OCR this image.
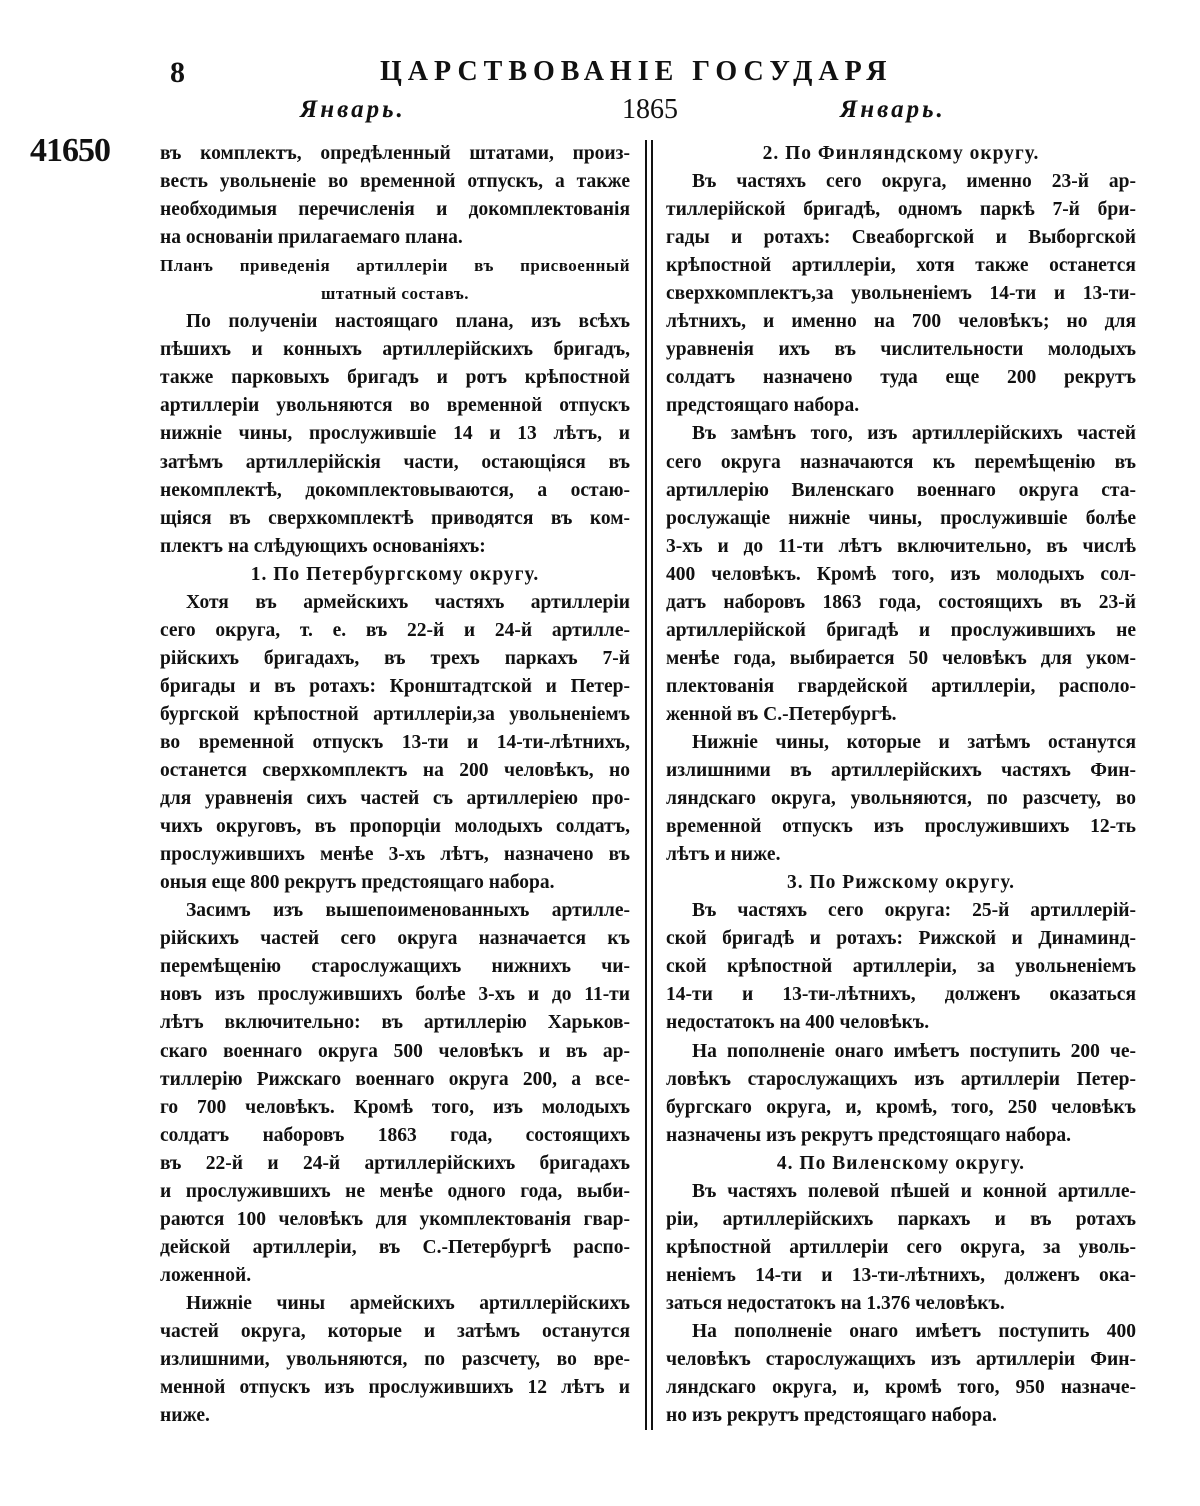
8	ЦАРСТВОВАНІЕ ГОСУДАРЯ
Январь.	1865	Январь.
41650	въ комплектъ, опредѣленный штатами, произ-
весть увольненіе во временной отпускъ, а также
необходимыя перечисленія и докомплектованія
на основаніи прилагаемаго плана.
Планъ приведенія артиллеріи въ присвоенный
штатный составъ.
По полученіи настоящаго плана, изъ всѣхъ
пѣшихъ и конныхъ артиллерійскихъ бригадъ,
также парковыхъ бригадъ и ротъ крѣпостной
артиллеріи увольняются во временной отпускъ
нижніе чины, прослужившіе 14 и 13 лѣтъ, и
затѣмъ артиллерійскія части, остающіяся въ
некомплектѣ, докомплектовываются, а остаю-
щіяся въ сверхкомплектѣ приводятся въ ком-
плектъ на слѣдующихъ основаніяхъ:
1. По Петербургскому округу.
Хотя въ армейскихъ частяхъ артиллеріи
сего округа, т. е. въ 22-й и 24-й артилле-
рійскихъ бригадахъ, въ трехъ паркахъ 7-й
бригады и въ ротахъ: Кронштадтской и Петер-
бургской крѣпостной артиллеріи,за увольненіемъ
во временной отпускъ 13-ти и 14-ти-лѣтнихъ,
останется сверхкомплектъ на 200 человѣкъ, но
для уравненія сихъ частей съ артиллеріею про-
чихъ округовъ, въ пропорціи молодыхъ солдатъ,
прослужившихъ менѣе 3-хъ лѣтъ, назначено въ
оныя еще 800 рекрутъ предстоящаго набора.
Засимъ изъ вышепоименованныхъ артилле-
рійскихъ частей сего округа назначается къ
перемѣщенію старослужащихъ нижнихъ чи-
новъ изъ прослужившихъ болѣе 3-хъ и до 11-ти
лѣтъ включительно: въ артиллерію Харьков-
скаго военнаго округа 500 человѣкъ и въ ар-
тиллерію Рижскаго военнаго округа 200, а все-
го 700 человѣкъ. Кромѣ того, изъ молодыхъ
солдатъ наборовъ 1863 года, состоящихъ
въ 22-й и 24-й артиллерійскихъ бригадахъ
и прослужившихъ не менѣе одного года, выби-
раются 100 человѣкъ для укомплектованія гвар-
дейской артиллеріи, въ С.-Петербургѣ распо-
ложенной.
Нижніе чины армейскихъ артиллерійскихъ
частей округа, которые и затѣмъ останутся
излишними, увольняются, по разсчету, во вре-
менной отпускъ изъ прослужившихъ 12 лѣтъ и
ниже.
2. По Финляндскому округу.
Въ частяхъ сего округа, именно 23-й ар-
тиллерійской бригадѣ, одномъ паркѣ 7-й бри-
гады и ротахъ: Свеаборгской и Выборгской
крѣпостной артиллеріи, хотя также останется
сверхкомплектъ,за увольненіемъ 14-ти и 13-ти-
лѣтнихъ, и именно на 700 человѣкъ; но для
уравненія ихъ въ числительности молодыхъ
солдатъ назначено туда еще 200 рекрутъ
предстоящаго набора.
Въ замѣнъ того, изъ артиллерійскихъ частей
сего округа назначаются къ перемѣщенію въ
артиллерію Виленскаго военнаго округа ста-
рослужащіе нижніе чины, прослужившіе болѣе
3-хъ и до 11-ти лѣтъ включительно, въ числѣ
400 человѣкъ. Кромѣ того, изъ молодыхъ сол-
датъ наборовъ 1863 года, состоящихъ въ 23-й
артиллерійской бригадѣ и прослужившихъ не
менѣе года, выбирается 50 человѣкъ для уком-
плектованія гвардейской артиллеріи, располо-
женной въ С.-Петербургѣ.
Нижніе чины, которые и затѣмъ останутся
излишними въ артиллерійскихъ частяхъ Фин-
ляндскаго округа, увольняются, по разсчету, во
временной отпускъ изъ прослужившихъ 12-ть
лѣтъ и ниже.
3. По Рижскому округу.
Въ частяхъ сего округа: 25-й артиллерій-
ской бригадѣ и ротахъ: Рижской и Динаминд-
ской крѣпостной артиллеріи, за увольненіемъ
14-ти и 13-ти-лѣтнихъ, долженъ оказаться
недостатокъ на 400 человѣкъ.
На пополненіе онаго имѣетъ поступить 200 че-
ловѣкъ старослужащихъ изъ артиллеріи Петер-
бургскаго округа, и, кромѣ, того, 250 человѣкъ
назначены изъ рекрутъ предстоящаго набора.
4. По Виленскому округу.
Въ частяхъ полевой пѣшей и конной артилле-
ріи, артиллерійскихъ паркахъ и въ ротахъ
крѣпостной артиллеріи сего округа, за уволь-
неніемъ 14-ти и 13-ти-лѣтнихъ, долженъ ока-
заться недостатокъ на 1.376 человѣкъ.
На пополненіе онаго имѣетъ поступить 400
человѣкъ старослужащихъ изъ артиллеріи Фин-
ляндскаго округа, и, кромѣ того, 950 назначе-
но изъ рекрутъ предстоящаго набора.
